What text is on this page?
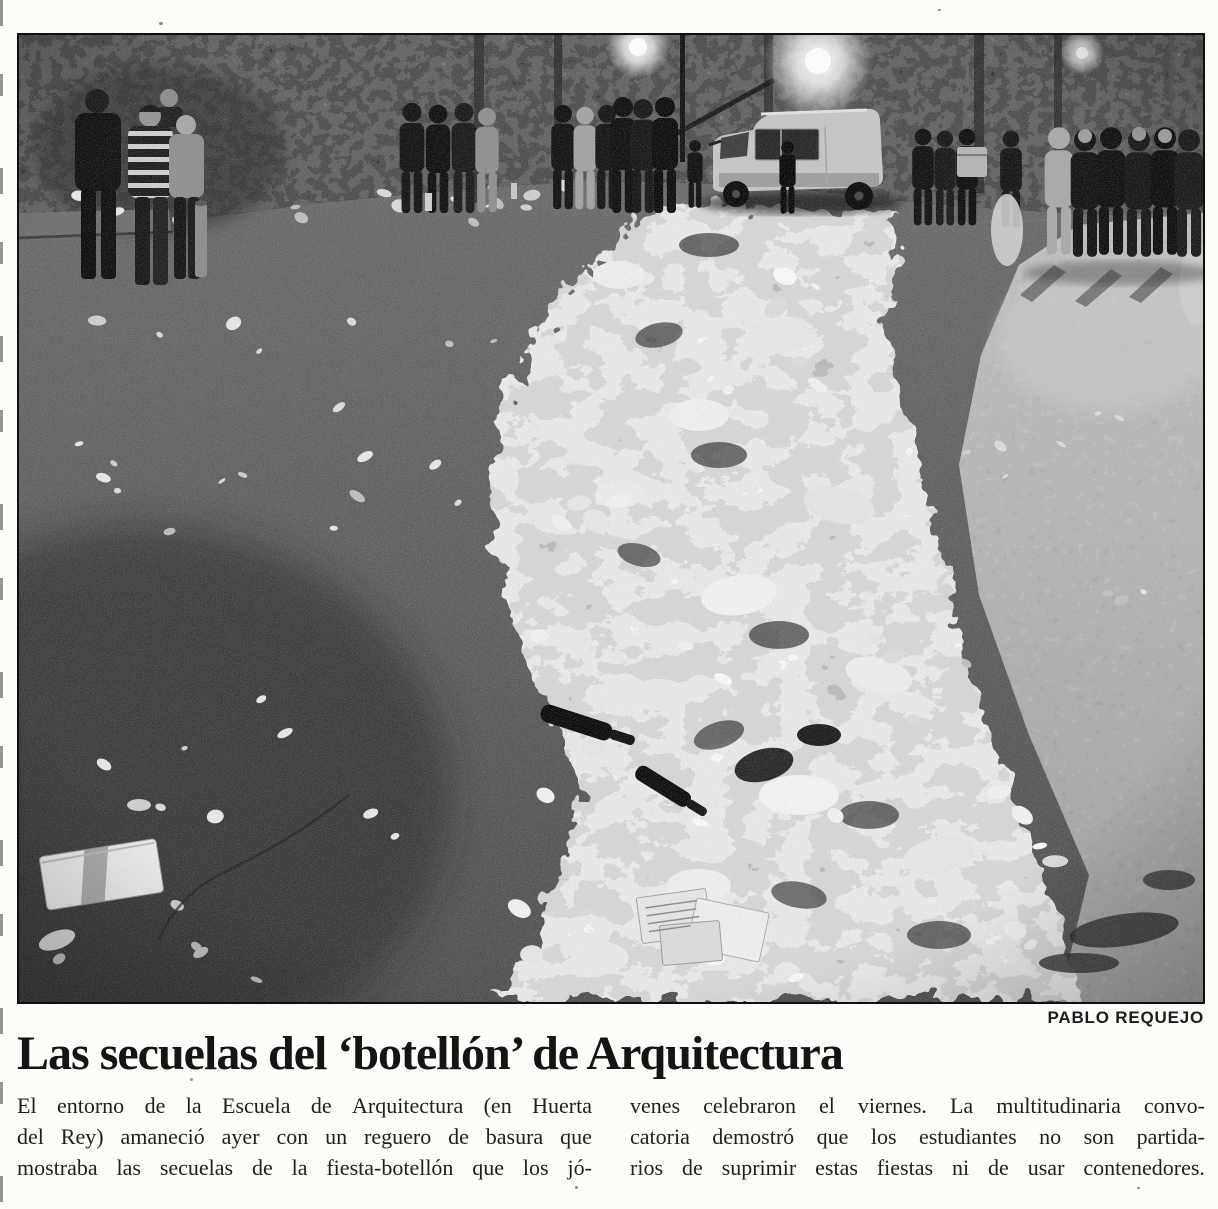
PABLO REQUEJO
Las secuelas del ‘botellón’ de Arquitectura
El entorno de la Escuela de Arquitectura (en Huerta
del Rey) amaneció ayer con un reguero de basura que
mostraba las secuelas de la fiesta-botellón que los jó-
venes celebraron el viernes. La multitudinaria convo-
catoria demostró que los estudiantes no son partida-
rios de suprimir estas fiestas ni de usar contenedores.
